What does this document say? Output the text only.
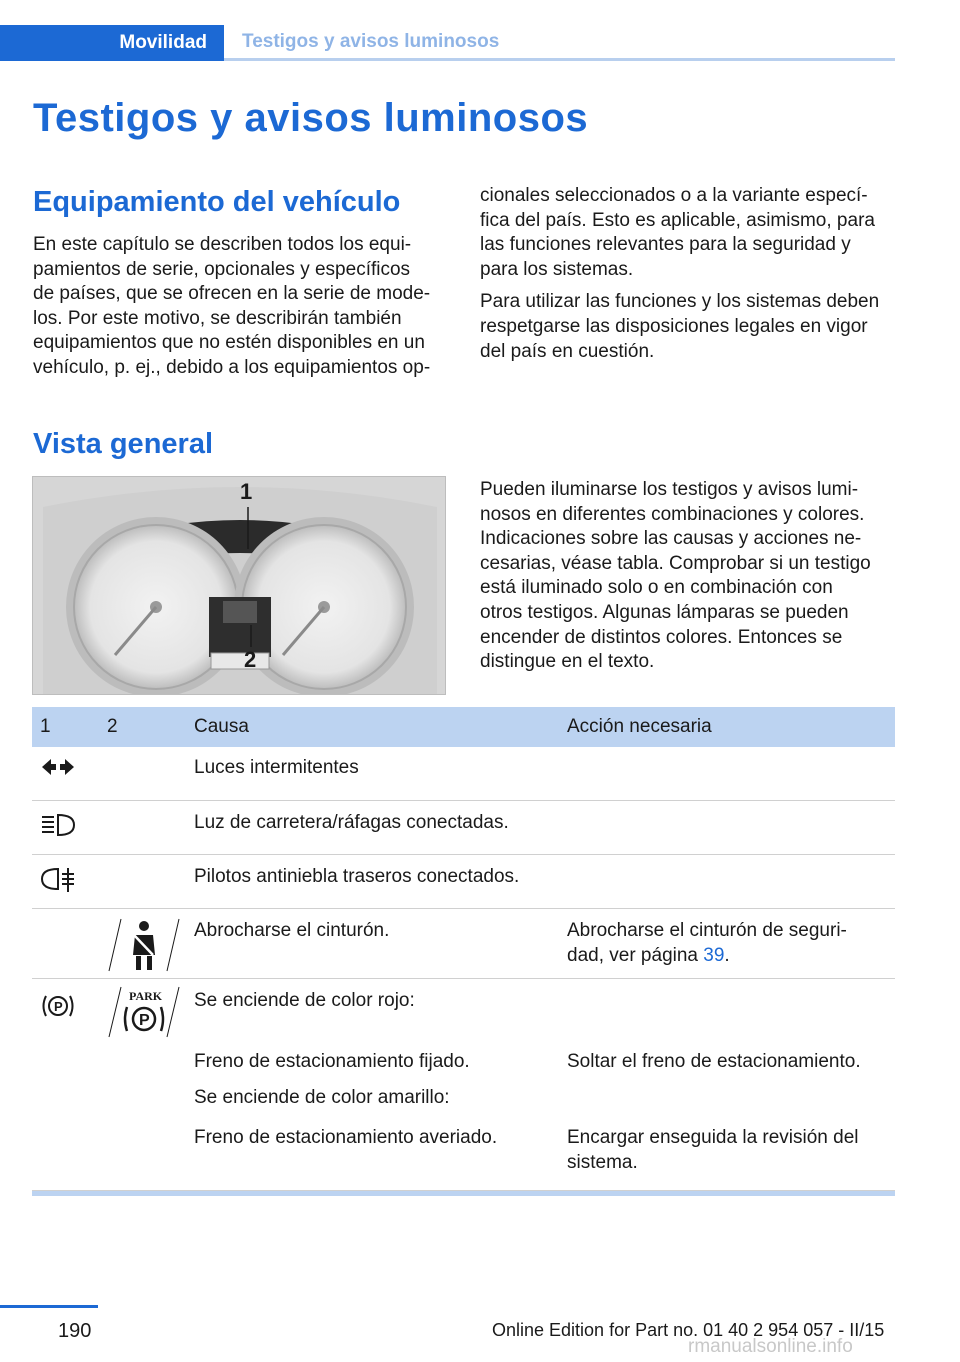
Movilidad	Testigos y avisos luminosos
Testigos y avisos luminosos
Equipamiento del vehículo
En este capítulo se describen todos los equi‐
pamientos de serie, opcionales y específicos
de países, que se ofrecen en la serie de mode‐
los. Por este motivo, se describirán también
equipamientos que no estén disponibles en un
vehículo, p. ej., debido a los equipamientos op‐
cionales seleccionados o a la variante especí‐
fica del país. Esto es aplicable, asimismo, para
las funciones relevantes para la seguridad y
para los sistemas.
Para utilizar las funciones y los sistemas deben
respetgarse las disposiciones legales en vigor
del país en cuestión.
Vista general
1
2
Pueden iluminarse los testigos y avisos lumi‐
nosos en diferentes combinaciones y colores.
Indicaciones sobre las causas y acciones ne‐
cesarias, véase tabla. Comprobar si un testigo
está iluminado solo o en combinación con
otros testigos. Algunas lámparas se pueden
encender de distintos colores. Entonces se
distingue en el texto.
1	2	Causa	Acción necesaria
Luces intermitentes
Luz de carretera/ráfagas conectadas.
Pilotos antiniebla traseros conectados.
Abrocharse el cinturón.	Abrocharse el cinturón de seguri‐
dad, ver página 39.
P
PARK
P
Se enciende de color rojo:
Freno de estacionamiento fijado.	Soltar el freno de estacionamiento.
Se enciende de color amarillo:
Freno de estacionamiento averiado.	Encargar enseguida la revisión del
sistema.
190	Online Edition for Part no. 01 40 2 954 057 - II/15
rmanualsonline.info
